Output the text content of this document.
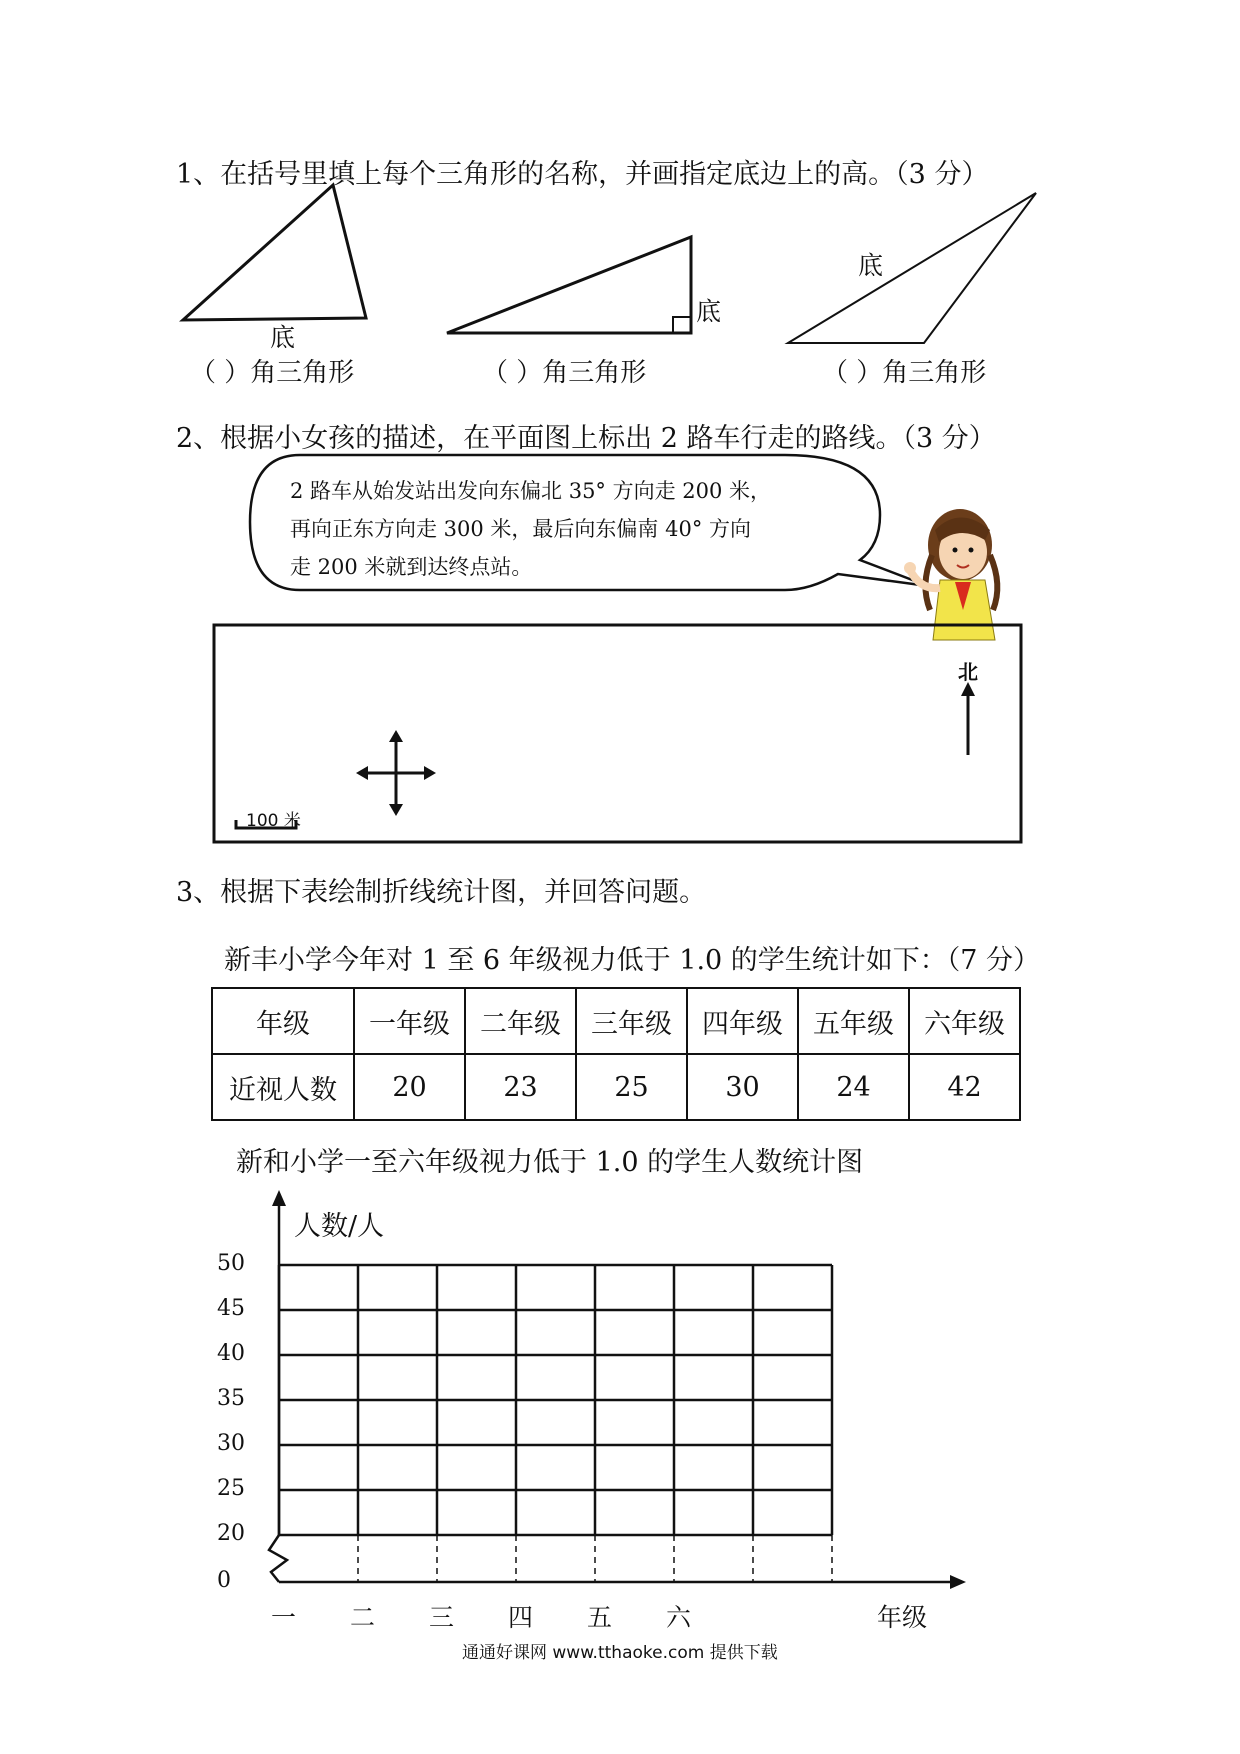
1、在括号里填上每个三角形的名称，并画指定底边上的高。（3 分）
底
底
底
（ ）角三角形	（ ）角三角形	（ ）角三角形
2、根据小女孩的描述，在平面图上标出 2 路车行走的路线。（3 分）
北
100 米
2 路车从始发站出发向东偏北 35° 方向走 200 米，
再向正东方向走 300 米，最后向东偏南 40° 方向
走 200 米就到达终点站。
3、根据下表绘制折线统计图，并回答问题。
新丰小学今年对 1 至 6 年级视力低于 1.0 的学生统计如下：（7 分）
年级	一年级	二年级	三年级	四年级	五年级	六年级
近视人数	20	23	25	30	24	42
新和小学一至六年级视力低于 1.0 的学生人数统计图
人数/人
年级
0
20
25
30
35
40
45
50
一 二 三 四 五 六
通通好课网 www.tthaoke.com 提供下载
